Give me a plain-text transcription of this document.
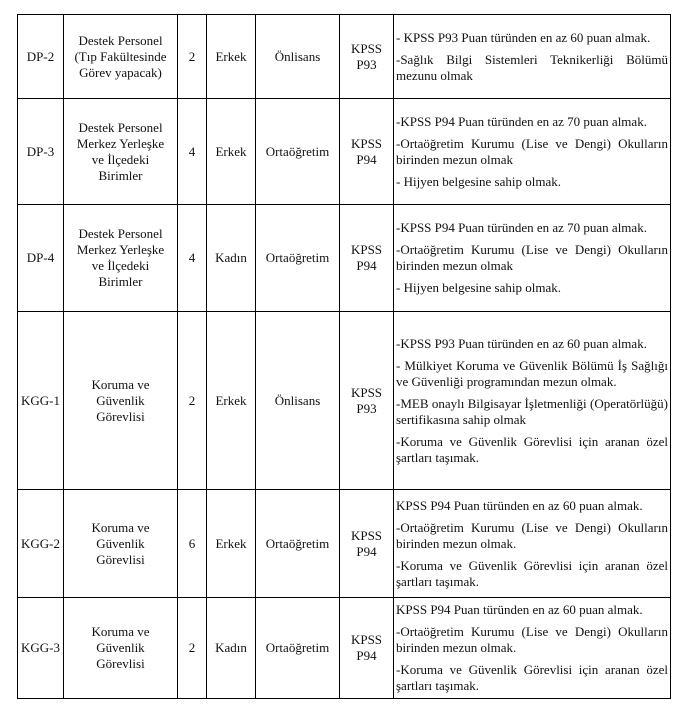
DP-2	Destek Personel (Tıp Fakültesinde Görev yapacak)	2	Erkek	Önlisans	KPSS P93	- KPSS P93 Puan türünden en az 60 puan almak.

-Sağlık Bilgi Sistemleri Teknikerliği Bölümü mezunu olmak

DP-3	Destek Personel Merkez Yerleşke ve İlçedeki Birimler	4	Erkek	Ortaöğretim	KPSS P94	-KPSS P94 Puan türünden en az 70 puan almak.

-Ortaöğretim Kurumu (Lise ve Dengi) Okulların birinden mezun olmak

- Hijyen belgesine sahip olmak.

DP-4	Destek Personel Merkez Yerleşke ve İlçedeki Birimler	4	Kadın	Ortaöğretim	KPSS P94	-KPSS P94 Puan türünden en az 70 puan almak.

-Ortaöğretim Kurumu (Lise ve Dengi) Okulların birinden mezun olmak

- Hijyen belgesine sahip olmak.

KGG-1	Koruma ve Güvenlik Görevlisi	2	Erkek	Önlisans	KPSS P93	-KPSS P93 Puan türünden en az 60 puan almak.

- Mülkiyet Koruma ve Güvenlik Bölümü İş Sağlığı ve Güvenliği programından mezun olmak.

-MEB onaylı Bilgisayar İşletmenliği (Operatörlüğü) sertifikasına sahip olmak

-Koruma ve Güvenlik Görevlisi için aranan özel şartları taşımak.

KGG-2	Koruma ve Güvenlik Görevlisi	6	Erkek	Ortaöğretim	KPSS P94	KPSS P94 Puan türünden en az 60 puan almak.

-Ortaöğretim Kurumu (Lise ve Dengi) Okulların birinden mezun olmak.

-Koruma ve Güvenlik Görevlisi için aranan özel şartları taşımak.

KGG-3	Koruma ve Güvenlik Görevlisi	2	Kadın	Ortaöğretim	KPSS P94	KPSS P94 Puan türünden en az 60 puan almak.

-Ortaöğretim Kurumu (Lise ve Dengi) Okulların birinden mezun olmak.

-Koruma ve Güvenlik Görevlisi için aranan özel şartları taşımak.
